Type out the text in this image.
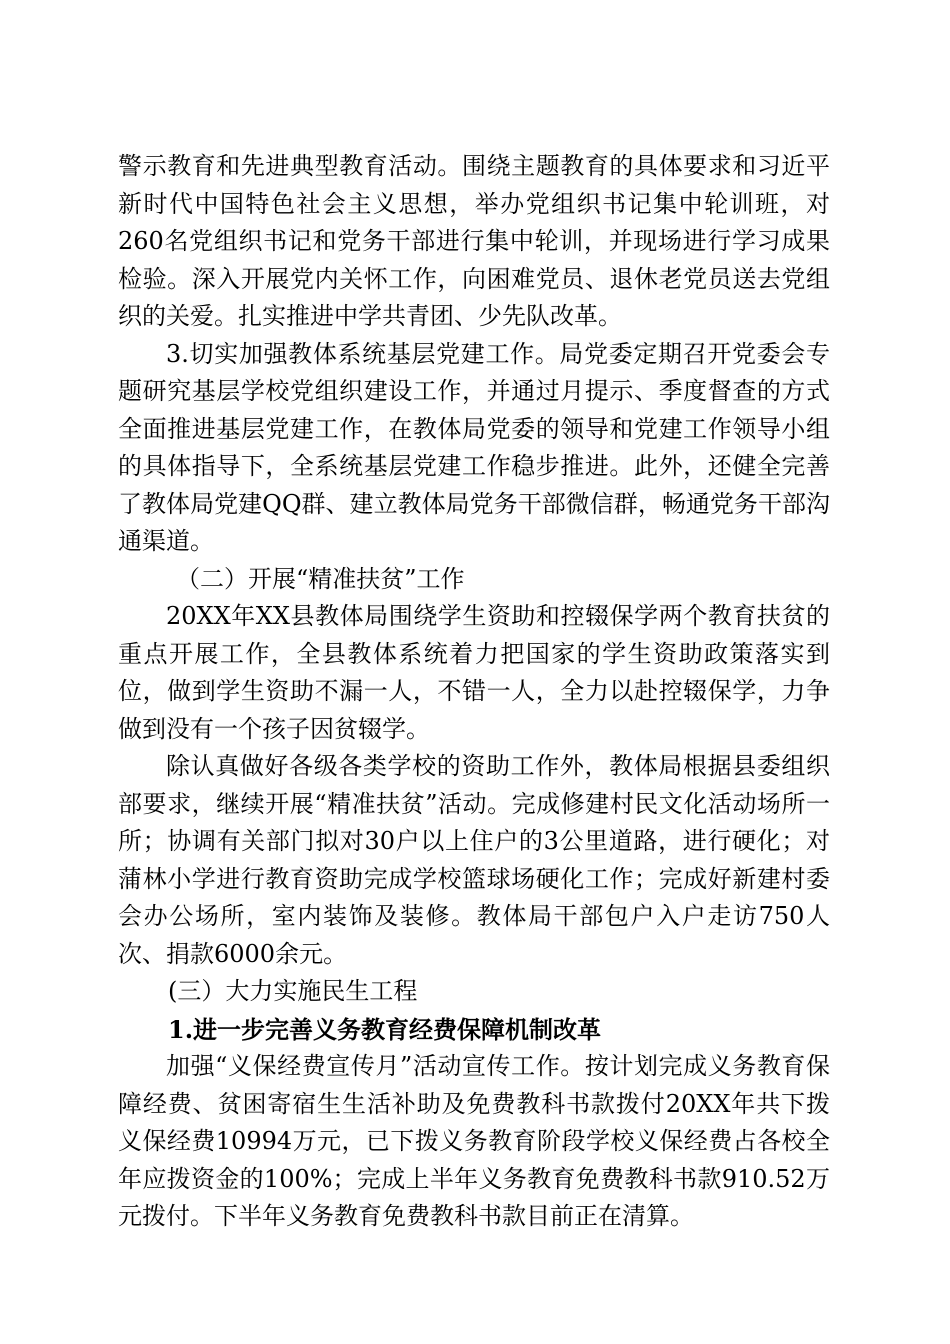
警示教育和先进典型教育活动。围绕主题教育的具体要求和习近平新时代中国特色社会主义思想，举办党组织书记集中轮训班，对260名党组织书记和党务干部进行集中轮训，并现场进行学习成果检验。深入开展党内关怀工作，向困难党员、退休老党员送去党组织的关爱。扎实推进中学共青团、少先队改革。

3.切实加强教体系统基层党建工作。局党委定期召开党委会专题研究基层学校党组织建设工作，并通过月提示、季度督查的方式全面推进基层党建工作，在教体局党委的领导和党建工作领导小组的具体指导下，全系统基层党建工作稳步推进。此外，还健全完善了教体局党建QQ群、建立教体局党务干部微信群，畅通党务干部沟通渠道。

（二）开展“精准扶贫”工作

20XX年XX县教体局围绕学生资助和控辍保学两个教育扶贫的重点开展工作，全县教体系统着力把国家的学生资助政策落实到位，做到学生资助不漏一人，不错一人，全力以赴控辍保学，力争做到没有一个孩子因贫辍学。

除认真做好各级各类学校的资助工作外，教体局根据县委组织部要求，继续开展“精准扶贫”活动。完成修建村民文化活动场所一所；协调有关部门拟对30户以上住户的3公里道路，进行硬化；对蒲林小学进行教育资助完成学校篮球场硬化工作；完成好新建村委会办公场所，室内装饰及装修。教体局干部包户入户走访750人次、捐款6000余元。

(三）大力实施民生工程

1.进一步完善义务教育经费保障机制改革

加强“义保经费宣传月”活动宣传工作。按计划完成义务教育保障经费、贫困寄宿生生活补助及免费教科书款拨付20XX年共下拨义保经费10994万元，已下拨义务教育阶段学校义保经费占各校全年应拨资金的100%；完成上半年义务教育免费教科书款910.52万元拨付。下半年义务教育免费教科书款目前正在清算。
